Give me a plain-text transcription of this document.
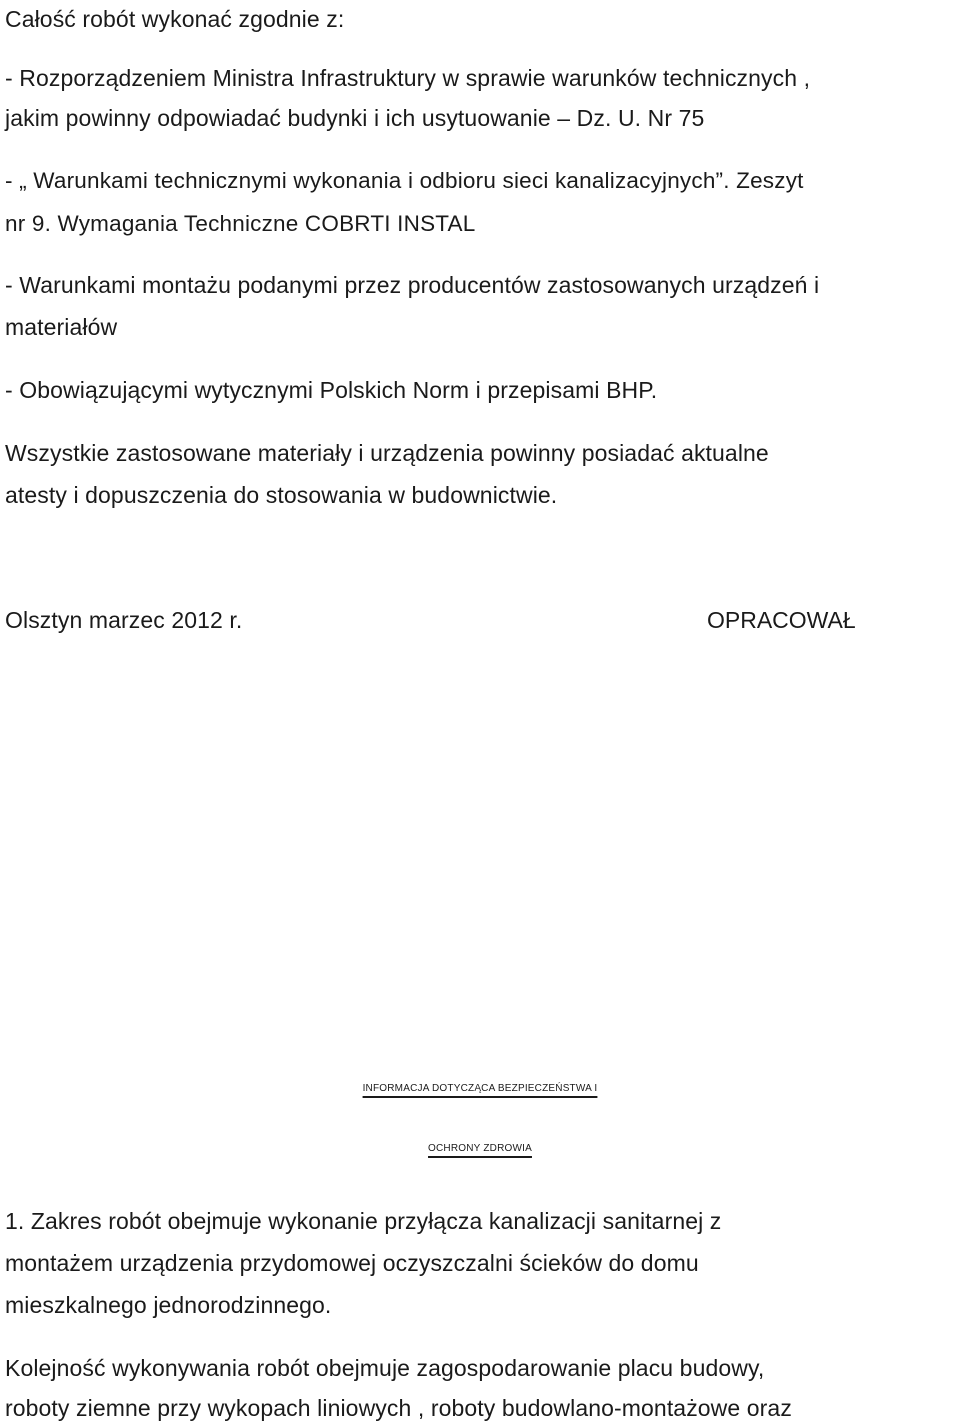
Całość robót wykonać zgodnie z:
- Rozporządzeniem Ministra Infrastruktury w sprawie warunków technicznych ,
jakim powinny odpowiadać budynki i ich usytuowanie – Dz. U. Nr 75
- „ Warunkami technicznymi wykonania i odbioru sieci kanalizacyjnych”. Zeszyt
nr 9. Wymagania Techniczne COBRTI INSTAL
- Warunkami montażu podanymi przez producentów zastosowanych urządzeń i
materiałów
- Obowiązującymi wytycznymi Polskich Norm i przepisami BHP.
Wszystkie zastosowane materiały i urządzenia powinny posiadać aktualne
atesty i dopuszczenia do stosowania w budownictwie.
Olsztyn marzec 2012 r.	OPRACOWAŁ
INFORMACJA DOTYCZĄCA BEZPIECZEŃSTWA I
OCHRONY ZDROWIA
1. Zakres robót obejmuje wykonanie przyłącza kanalizacji sanitarnej z
montażem urządzenia przydomowej oczyszczalni ścieków do domu
mieszkalnego jednorodzinnego.
Kolejność wykonywania robót obejmuje zagospodarowanie placu budowy,
roboty ziemne przy wykopach liniowych , roboty budowlano-montażowe oraz
